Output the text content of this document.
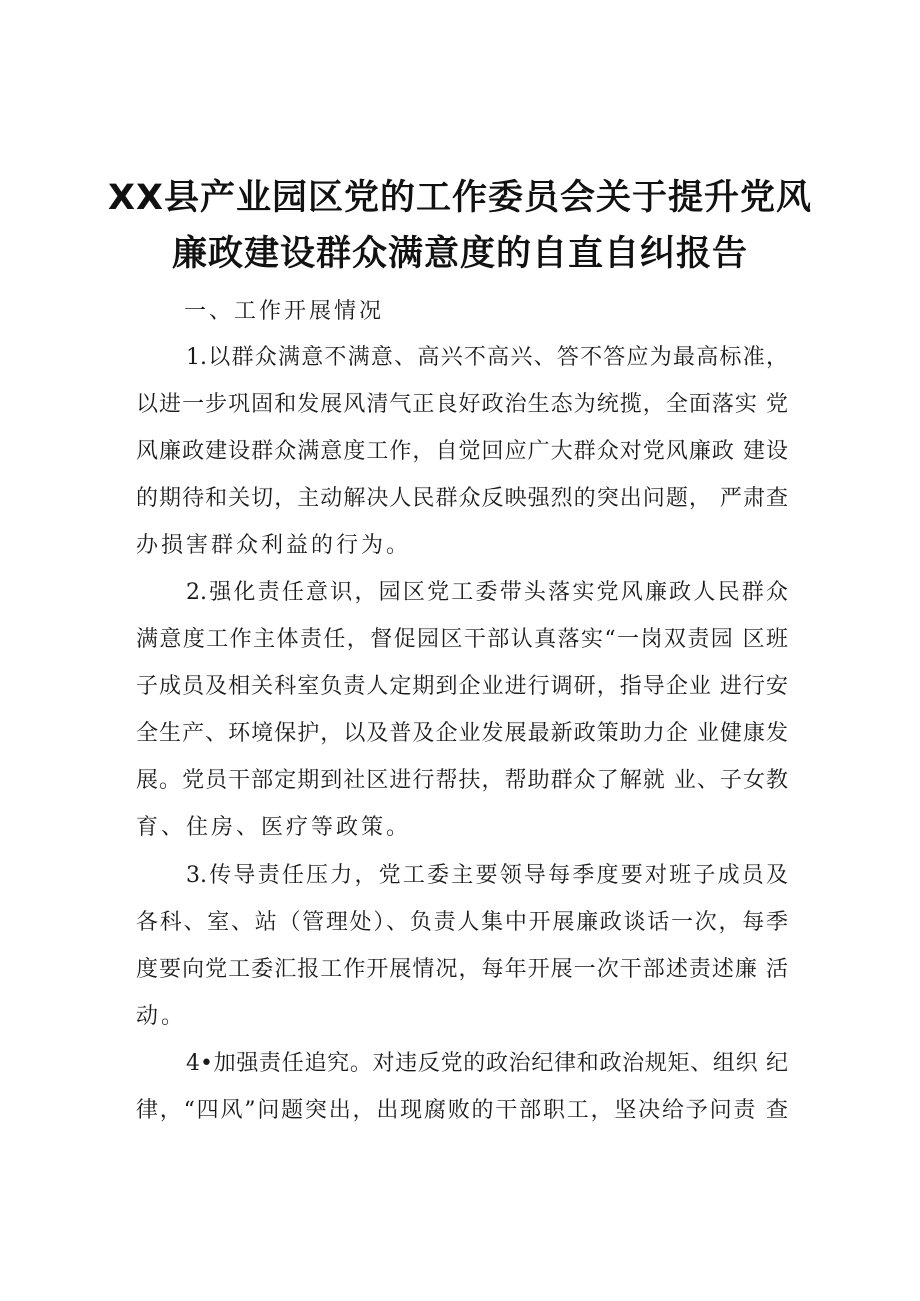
XX县产业园区党的工作委员会关于提升党风
廉政建设群众满意度的自直自纠报告
一、工作开展情况
1.以群众满意不满意、高兴不高兴、答不答应为最高标准，
以进一步巩固和发展风清气正良好政治生态为统揽，全面落实 党
风廉政建设群众满意度工作，自觉回应广大群众对党风廉政 建设
的期待和关切，主动解决人民群众反映强烈的突出问题， 严肃查
办损害群众利益的行为。
2.强化责任意识，园区党工委带头落实党风廉政人民群众
满意度工作主体责任，督促园区干部认真落实“一岗双责园 区班
子成员及相关科室负责人定期到企业进行调研，指导企业 进行安
全生产、环境保护，以及普及企业发展最新政策助力企 业健康发
展。党员干部定期到社区进行帮扶，帮助群众了解就 业、子女教
育、住房、医疗等政策。
3.传导责任压力，党工委主要领导每季度要对班子成员及
各科、室、站（管理处）、负责人集中开展廉政谈话一次，每季
度要向党工委汇报工作开展情况，每年开展一次干部述责述廉 活
动。
4•加强责任追究。对违反党的政治纪律和政治规矩、组织 纪
律，“四风”问题突出，出现腐败的干部职工，坚决给予问责 查
